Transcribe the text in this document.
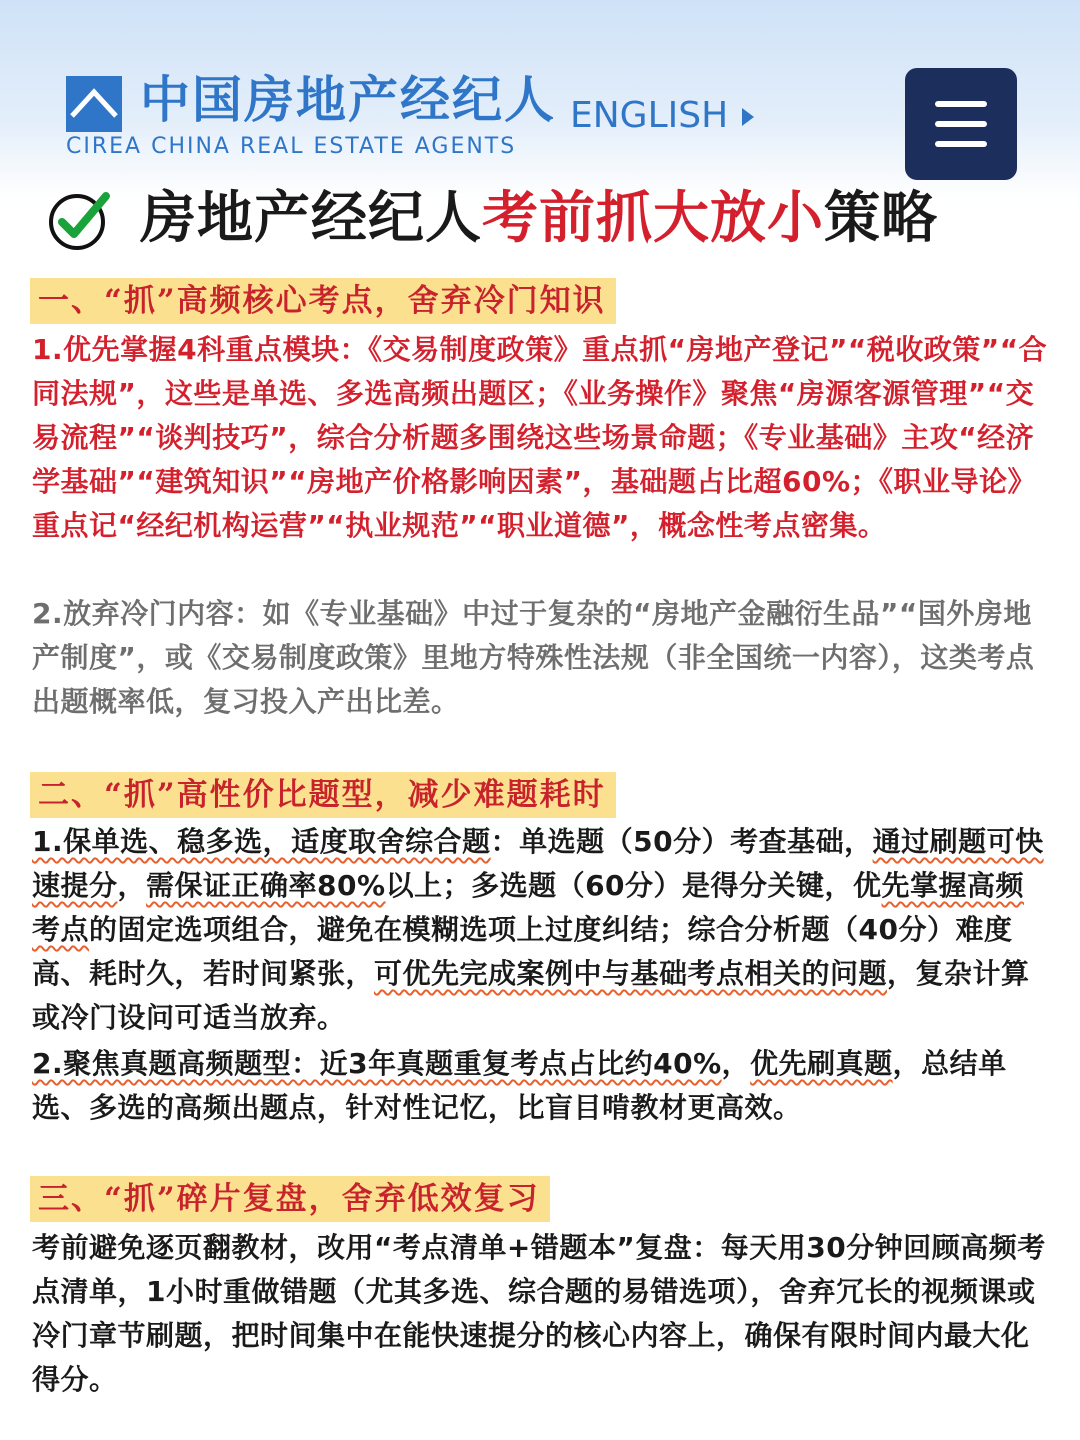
中国房地产经纪人
CIREA CHINA REAL ESTATE AGENTS
ENGLISH
房地产经纪人考前抓大放小策略
一、“抓”高频核心考点，舍弃冷门知识

1.优先掌握4科重点模块：《交易制度政策》重点抓“房地产登记”“税收政策”“合同法规”，这些是单选、多选高频出题区；《业务操作》聚焦“房源客源管理”“交易流程”“谈判技巧”，综合分析题多围绕这些场景命题；《专业基础》主攻“经济学基础”“建筑知识”“房地产价格影响因素”，基础题占比超60%；《职业导论》重点记“经纪机构运营”“执业规范”“职业道德”，概念性考点密集。

2.放弃冷门内容：如《专业基础》中过于复杂的“房地产金融衍生品”“国外房地产制度”，或《交易制度政策》里地方特殊性法规（非全国统一内容），这类考点出题概率低，复习投入产出比差。

二、“抓”高性价比题型，减少难题耗时

1.保单选、稳多选，适度取舍综合题：单选题（50分）考查基础，通过刷题可快速提分，需保证正确率80%以上；多选题（60分）是得分关键，优先掌握高频考点的固定选项组合，避免在模糊选项上过度纠结；综合分析题（40分）难度高、耗时久，若时间紧张，可优先完成案例中与基础考点相关的问题，复杂计算或冷门设问可适当放弃。

2.聚焦真题高频题型：近3年真题重复考点占比约40%，优先刷真题，总结单选、多选的高频出题点，针对性记忆，比盲目啃教材更高效。

三、“抓”碎片复盘，舍弃低效复习

考前避免逐页翻教材，改用“考点清单+错题本”复盘：每天用30分钟回顾高频考点清单，1小时重做错题（尤其多选、综合题的易错选项），舍弃冗长的视频课或冷门章节刷题，把时间集中在能快速提分的核心内容上，确保有限时间内最大化得分。
